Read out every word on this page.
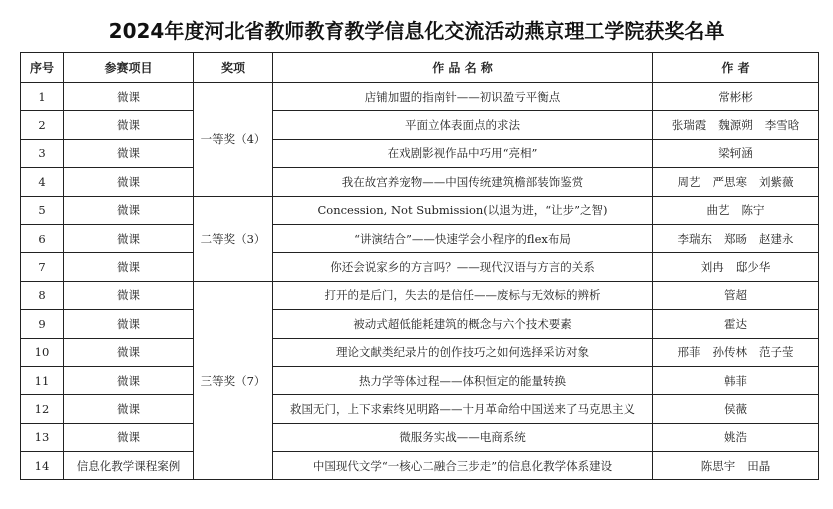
2024年度河北省教师教育教学信息化交流活动燕京理工学院获奖名单
序号	参赛项目	奖项	作 品 名 称	作 者
1	微课	一等奖（4）	店铺加盟的指南针——初识盈亏平衡点	常彬彬
2	微课		平面立体表面点的求法	张瑞霞 魏源朔 李雪晗
3	微课		在戏剧影视作品中巧用“亮相”	梁轲涵
4	微课		我在故宫养宠物——中国传统建筑檐部装饰鉴赏	周艺 严思寒 刘紫薇
5	微课	二等奖（3）	Concession, Not Submission(以退为进，“让步”之智)	曲艺 陈宁
6	微课		“讲演结合”——快速学会小程序的flex布局	李瑞东 郑旸 赵建永
7	微课		你还会说家乡的方言吗？——现代汉语与方言的关系	刘冉 邸少华
8	微课	三等奖（7）	打开的是后门，失去的是信任——废标与无效标的辨析	管超
9	微课		被动式超低能耗建筑的概念与六个技术要素	霍达
10	微课		理论文献类纪录片的创作技巧之如何选择采访对象	邢菲 孙传林 范子莹
11	微课		热力学等体过程——体积恒定的能量转换	韩菲
12	微课		救国无门，上下求索终见明路——十月革命给中国送来了马克思主义	侯薇
13	微课		微服务实战——电商系统	姚浩
14	信息化教学课程案例		中国现代文学“一核心二融合三步走”的信息化教学体系建设	陈思宇 田晶
